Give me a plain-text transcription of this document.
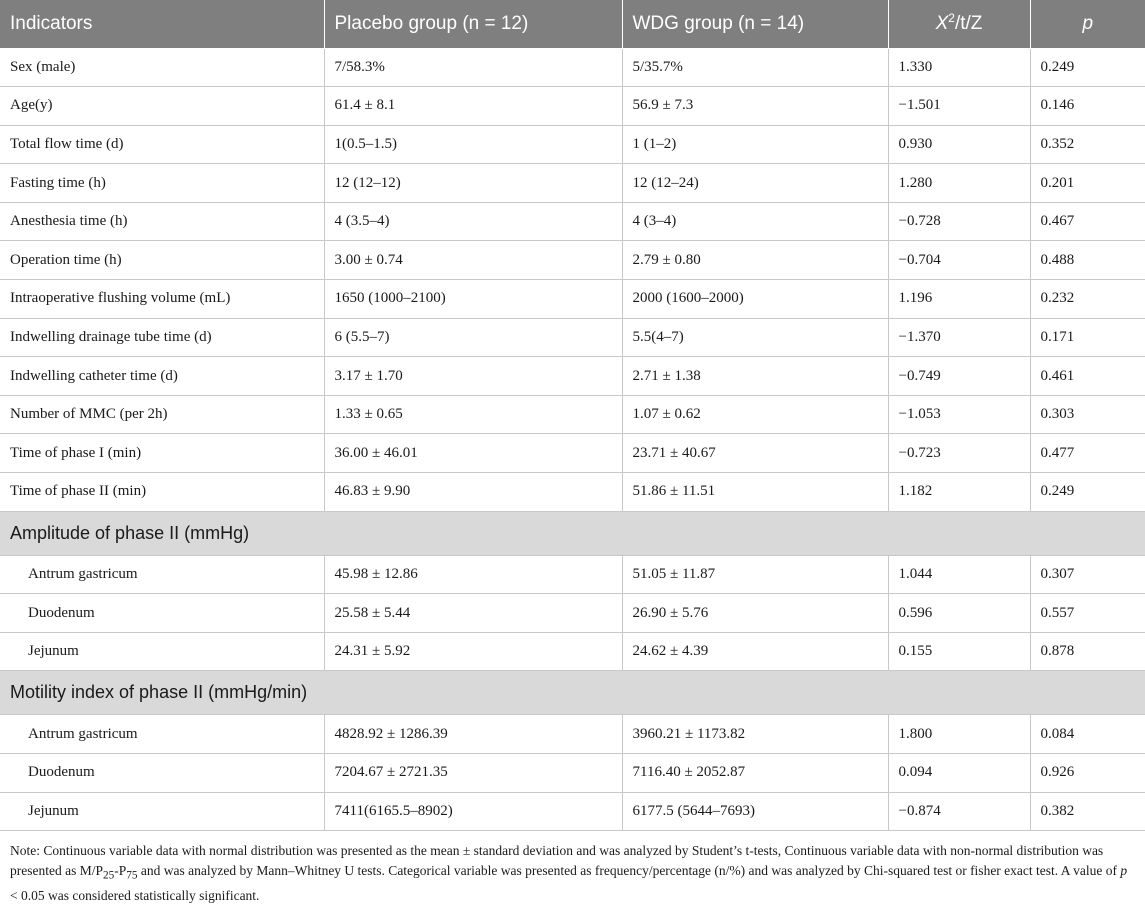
Indicators	Placebo group (n = 12)	WDG group (n = 14)	$X^2/t/Z$	p
Sex (male)	7/58.3%	5/35.7%	1.330	0.249
Age(y)	61.4 ± 8.1	56.9 ± 7.3	−1.501	0.146
Total flow time (d)	1(0.5–1.5)	1 (1–2)	0.930	0.352
Fasting time (h)	12 (12–12)	12 (12–24)	1.280	0.201
Anesthesia time (h)	4 (3.5–4)	4 (3–4)	−0.728	0.467
Operation time (h)	3.00 ± 0.74	2.79 ± 0.80	−0.704	0.488
Intraoperative flushing volume (mL)	1650 (1000–2100)	2000 (1600–2000)	1.196	0.232
Indwelling drainage tube time (d)	6 (5.5–7)	5.5(4–7)	−1.370	0.171
Indwelling catheter time (d)	3.17 ± 1.70	2.71 ± 1.38	−0.749	0.461
Number of MMC (per 2h)	1.33 ± 0.65	1.07 ± 0.62	−1.053	0.303
Time of phase I (min)	36.00 ± 46.01	23.71 ± 40.67	−0.723	0.477
Time of phase II (min)	46.83 ± 9.90	51.86 ± 11.51	1.182	0.249
Amplitude of phase II (mmHg)				
Antrum gastricum	45.98 ± 12.86	51.05 ± 11.87	1.044	0.307
Duodenum	25.58 ± 5.44	26.90 ± 5.76	0.596	0.557
Jejunum	24.31 ± 5.92	24.62 ± 4.39	0.155	0.878
Motility index of phase II (mmHg/min)				
Antrum gastricum	4828.92 ± 1286.39	3960.21 ± 1173.82	1.800	0.084
Duodenum	7204.67 ± 2721.35	7116.40 ± 2052.87	0.094	0.926
Jejunum	7411(6165.5–8902)	6177.5 (5644–7693)	−0.874	0.382
Note: Continuous variable data with normal distribution was presented as the mean ± standard deviation and was analyzed by Student’s t-tests, Continuous variable data with non-normal distribution was presented as $M/P_{25}-P_{75}$ and was analyzed by Mann–Whitney U tests. Categorical variable was presented as frequency/percentage (n/%) and was analyzed by Chi-squared test or fisher exact test. A value of p < 0.05 was considered statistically significant.
